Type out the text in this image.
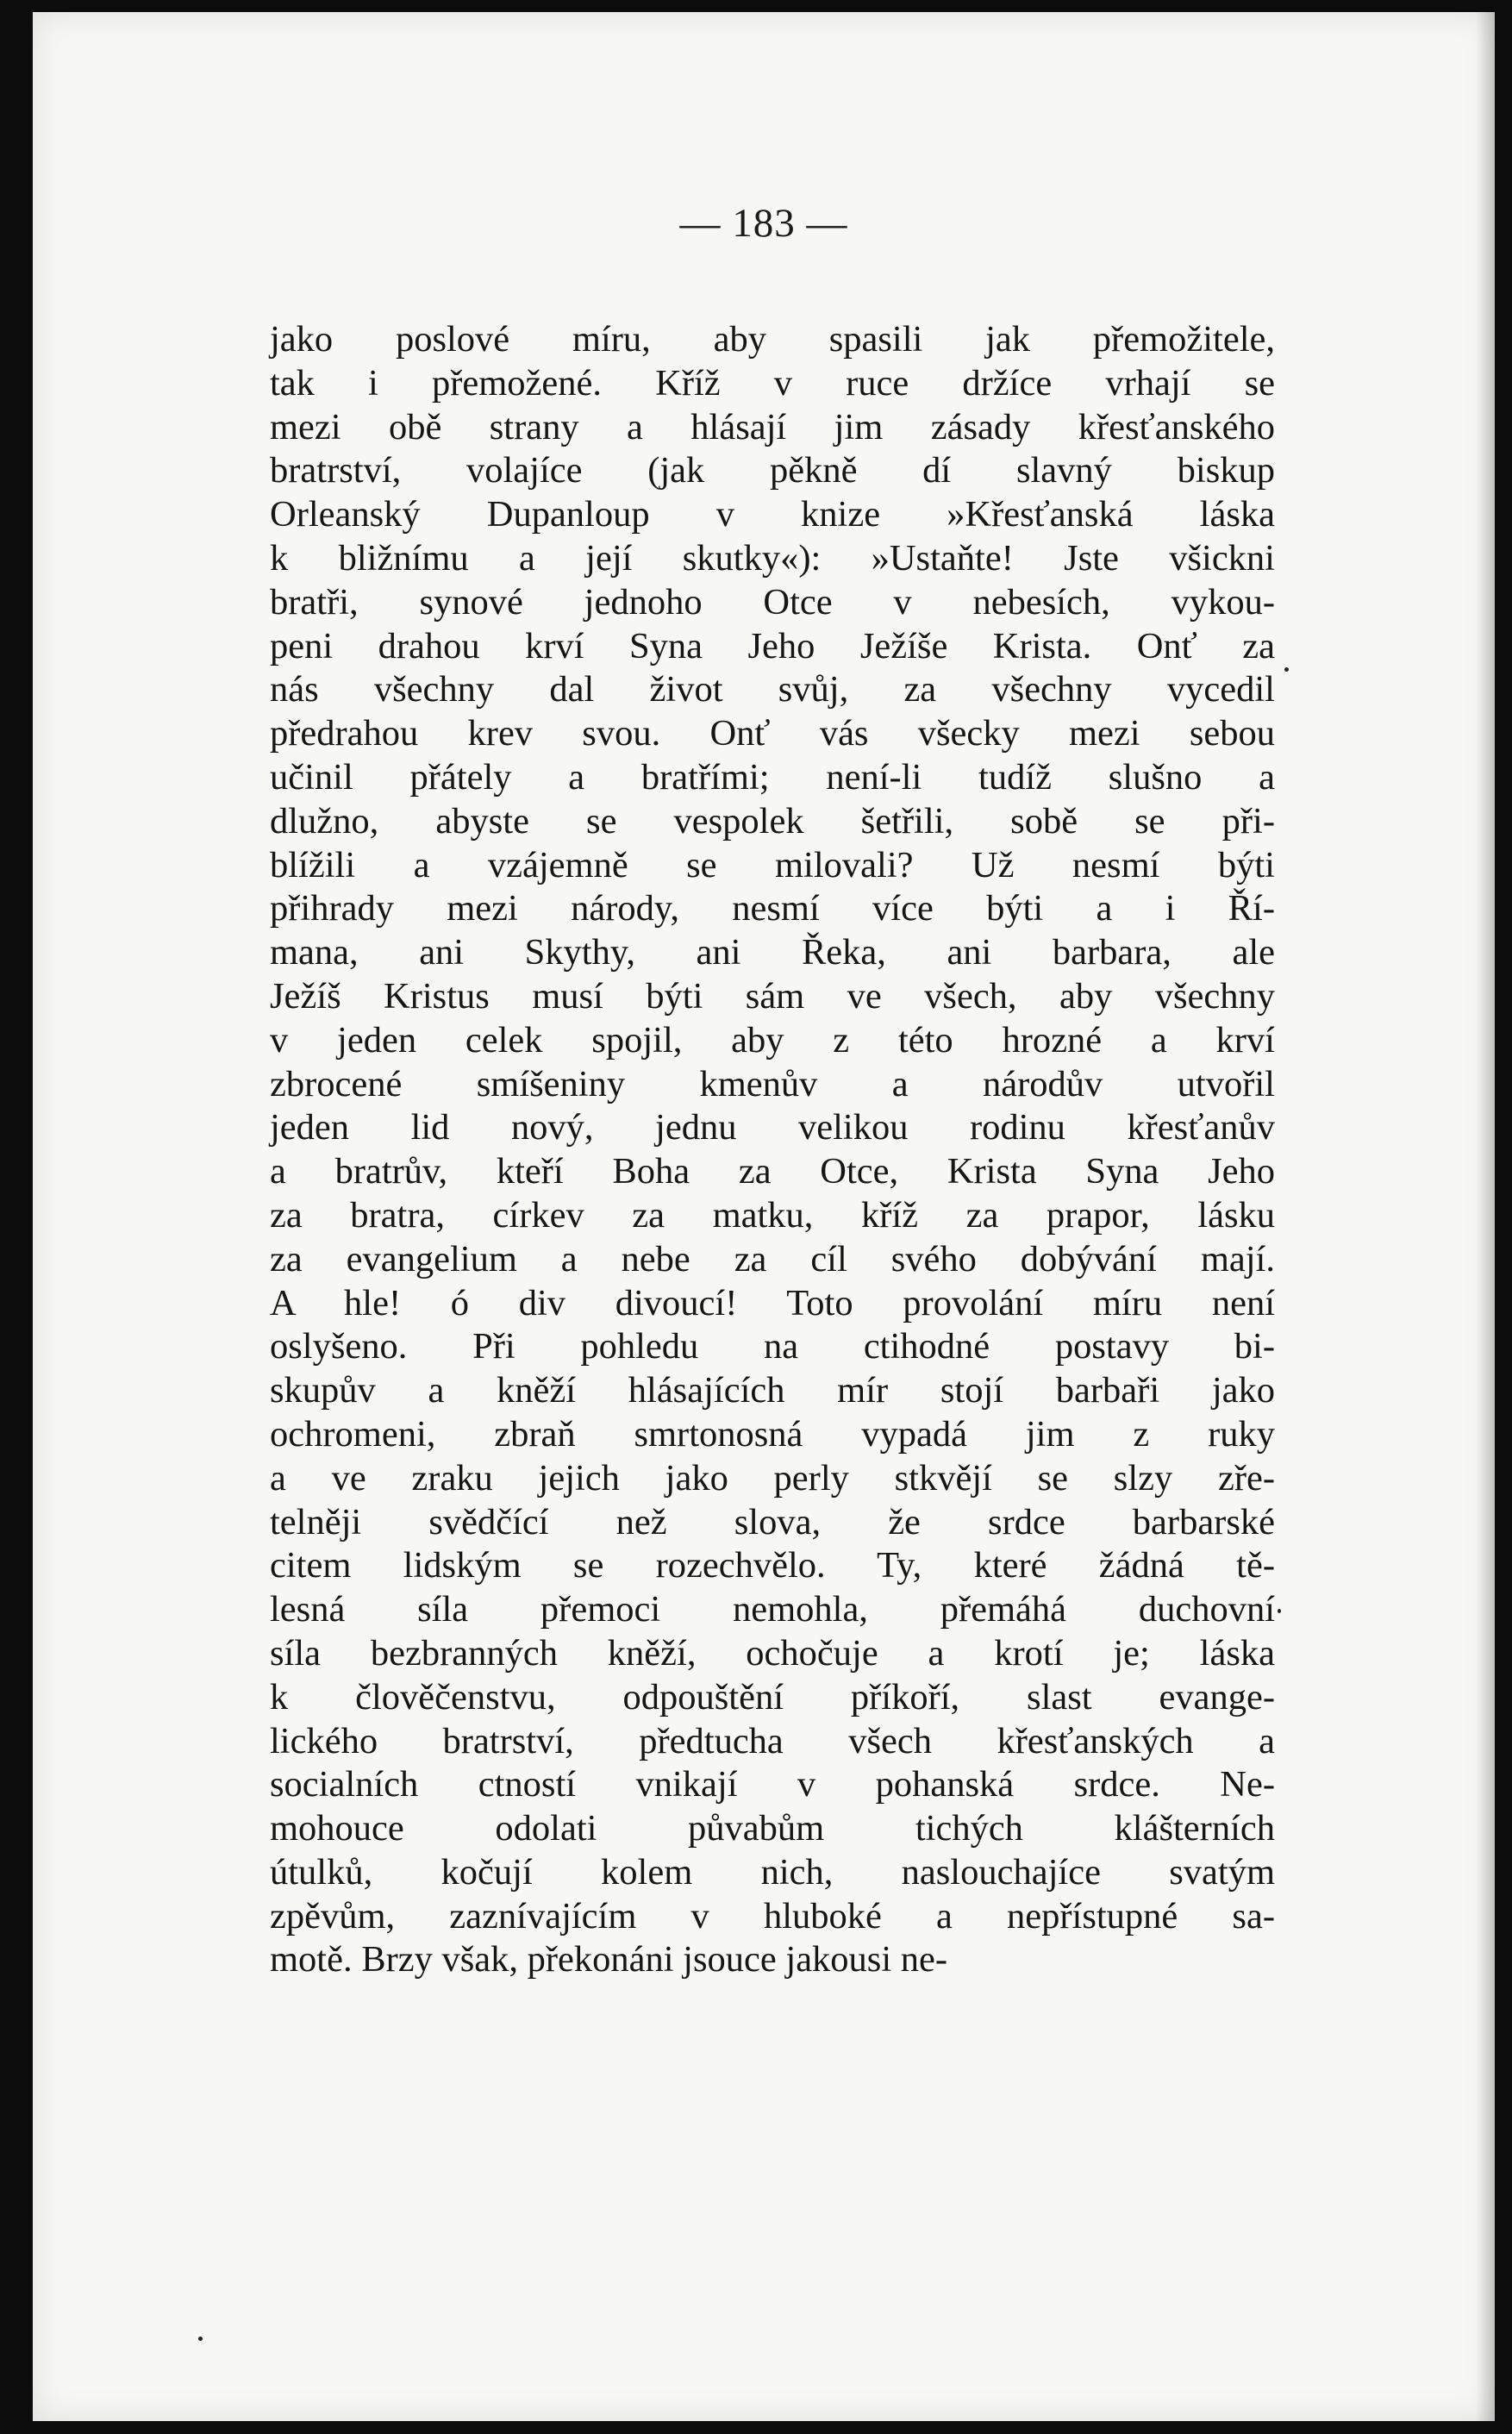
— 183 —
jako poslové míru, aby spasili jak přemožitele,
tak i přemožené. Kříž v ruce držíce vrhají se
mezi obě strany a hlásají jim zásady křesťanského
bratrství, volajíce (jak pěkně dí slavný biskup
Orleanský Dupanloup v knize »Křesťanská láska
k bližnímu a její skutky«): »Ustaňte! Jste všickni
bratři, synové jednoho Otce v nebesích, vykou-
peni drahou krví Syna Jeho Ježíše Krista. Onť za
nás všechny dal život svůj, za všechny vycedil
předrahou krev svou. Onť vás všecky mezi sebou
učinil přátely a bratřími; není-li tudíž slušno a
dlužno, abyste se vespolek šetřili, sobě se při-
blížili a vzájemně se milovali? Už nesmí býti
přihrady mezi národy, nesmí více býti a i Ří-
mana, ani Skythy, ani Řeka, ani barbara, ale
Ježíš Kristus musí býti sám ve všech, aby všechny
v jeden celek spojil, aby z této hrozné a krví
zbrocené smíšeniny kmenův a národův utvořil
jeden lid nový, jednu velikou rodinu křesťanův
a bratrův, kteří Boha za Otce, Krista Syna Jeho
za bratra, církev za matku, kříž za prapor, lásku
za evangelium a nebe za cíl svého dobývání mají.
A hle! ó div divoucí! Toto provolání míru není
oslyšeno. Při pohledu na ctihodné postavy bi-
skupův a kněží hlásajících mír stojí barbaři jako
ochromeni, zbraň smrtonosná vypadá jim z ruky
a ve zraku jejich jako perly stkvějí se slzy zře-
telněji svědčící než slova, že srdce barbarské
citem lidským se rozechvělo. Ty, které žádná tě-
lesná síla přemoci nemohla, přemáhá duchovní
síla bezbranných kněží, ochočuje a krotí je; láska
k člověčenstvu, odpouštění příkoří, slast evange-
lického bratrství, předtucha všech křesťanských a
socialních ctností vnikají v pohanská srdce. Ne-
mohouce odolati půvabům tichých klášterních
útulků, kočují kolem nich, naslouchajíce svatým
zpěvům, zaznívajícím v hluboké a nepřístupné sa-
motě. Brzy však, překonáni jsouce jakousi ne-
